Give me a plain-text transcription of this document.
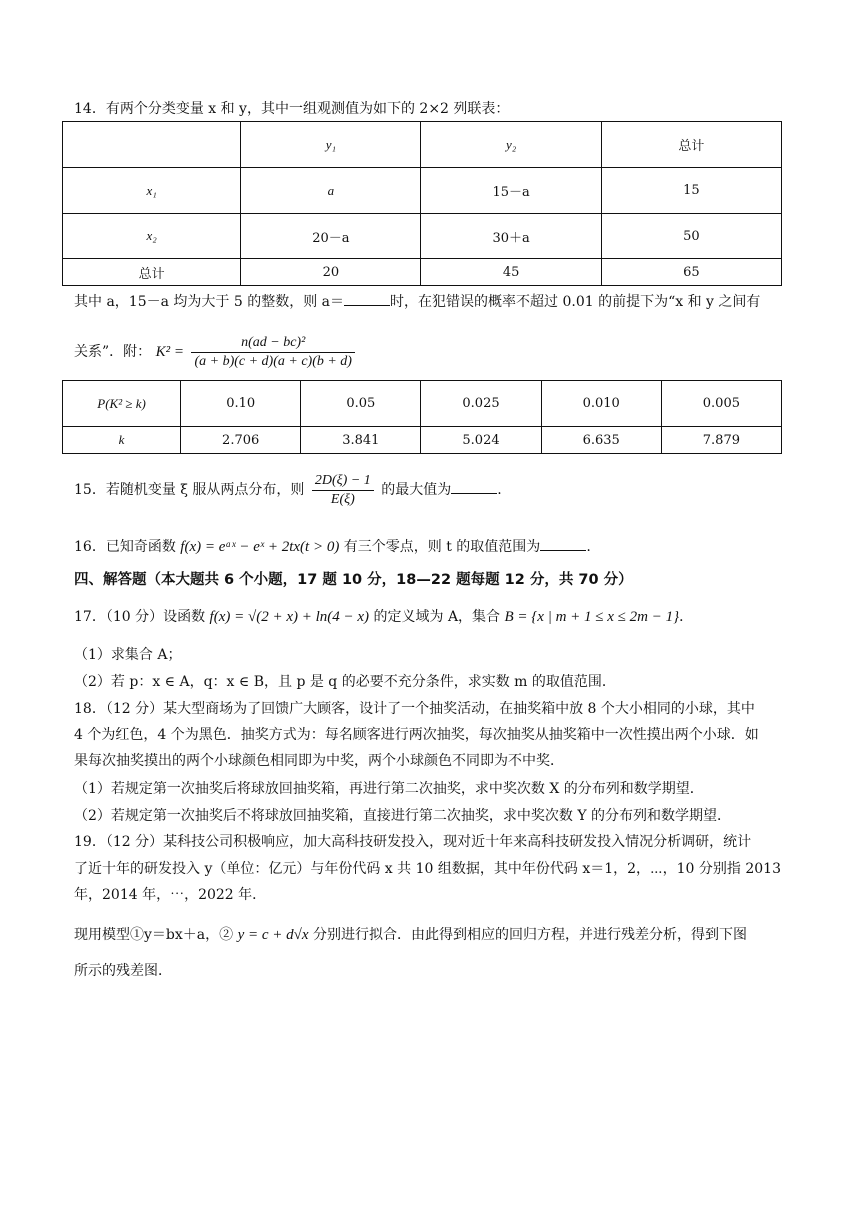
14．有两个分类变量 x 和 y，其中一组观测值为如下的 2×2 列联表：
	y₁	y₂	总计
x₁	a	15－a	15
x₂	20－a	30＋a	50
总计	20	45	65
其中 a，15－a 均为大于 5 的整数，则 a＝	时，在犯错误的概率不超过 0.01 的前提下为“x 和 y 之间有
关系”．附： $K^2 = \frac{\text{n(ad − bc)²}}{(a + b)(c + d)(a + c)(b + d)}$
P(K² ≥ k)	0.10	0.05	0.025	0.010	0.005
k	2.706	3.841	5.024	6.635	7.879
15．若随机变量 ξ 服从两点分布，则 $\frac{2D(\xi) - 1}{E(\xi)}$ 的最大值为	.
16．已知奇函数 f(x) = eᵃˣ − eˣ + 2tx(t > 0) 有三个零点，则 t 的取值范围为	.
四、解答题（本大题共 6 个小题，17 题 10 分，18—22 题每题 12 分，共 70 分）
17．（10 分）设函数 f(x) = √(2 + x) + ln(4 − x) 的定义域为 A，集合 B = {x | m + 1 ≤ x ≤ 2m − 1}．
（1）求集合 A；
（2）若 p：x ∈ A，q：x ∈ B，且 p 是 q 的必要不充分条件，求实数 m 的取值范围．
18．（12 分）某大型商场为了回馈广大顾客，设计了一个抽奖活动，在抽奖箱中放 8 个大小相同的小球，其中
4 个为红色，4 个为黑色．抽奖方式为：每名顾客进行两次抽奖，每次抽奖从抽奖箱中一次性摸出两个小球．如
果每次抽奖摸出的两个小球颜色相同即为中奖，两个小球颜色不同即为不中奖．
（1）若规定第一次抽奖后将球放回抽奖箱，再进行第二次抽奖，求中奖次数 X 的分布列和数学期望．
（2）若规定第一次抽奖后不将球放回抽奖箱，直接进行第二次抽奖，求中奖次数 Y 的分布列和数学期望．
19．（12 分）某科技公司积极响应，加大高科技研发投入，现对近十年来高科技研发投入情况分析调研，统计
了近十年的研发投入 y（单位：亿元）与年份代码 x 共 10 组数据，其中年份代码 x＝1，2，⋯，10 分别指 2013
年，2014 年，⋯，2022 年．
现用模型①y＝bx＋a，② y = c + d√x 分别进行拟合．由此得到相应的回归方程，并进行残差分析，得到下图
所示的残差图．
